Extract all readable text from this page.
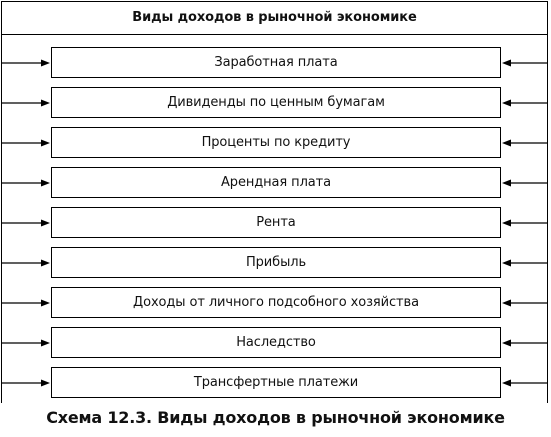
Виды доходов в рыночной экономике
Заработная плата
Дивиденды по ценным бумагам
Проценты по кредиту
Арендная плата
Рента
Прибыль
Доходы от личного подсобного хозяйства
Наследство
Трансфертные платежи
Схема 12.3. Виды доходов в рыночной экономике
